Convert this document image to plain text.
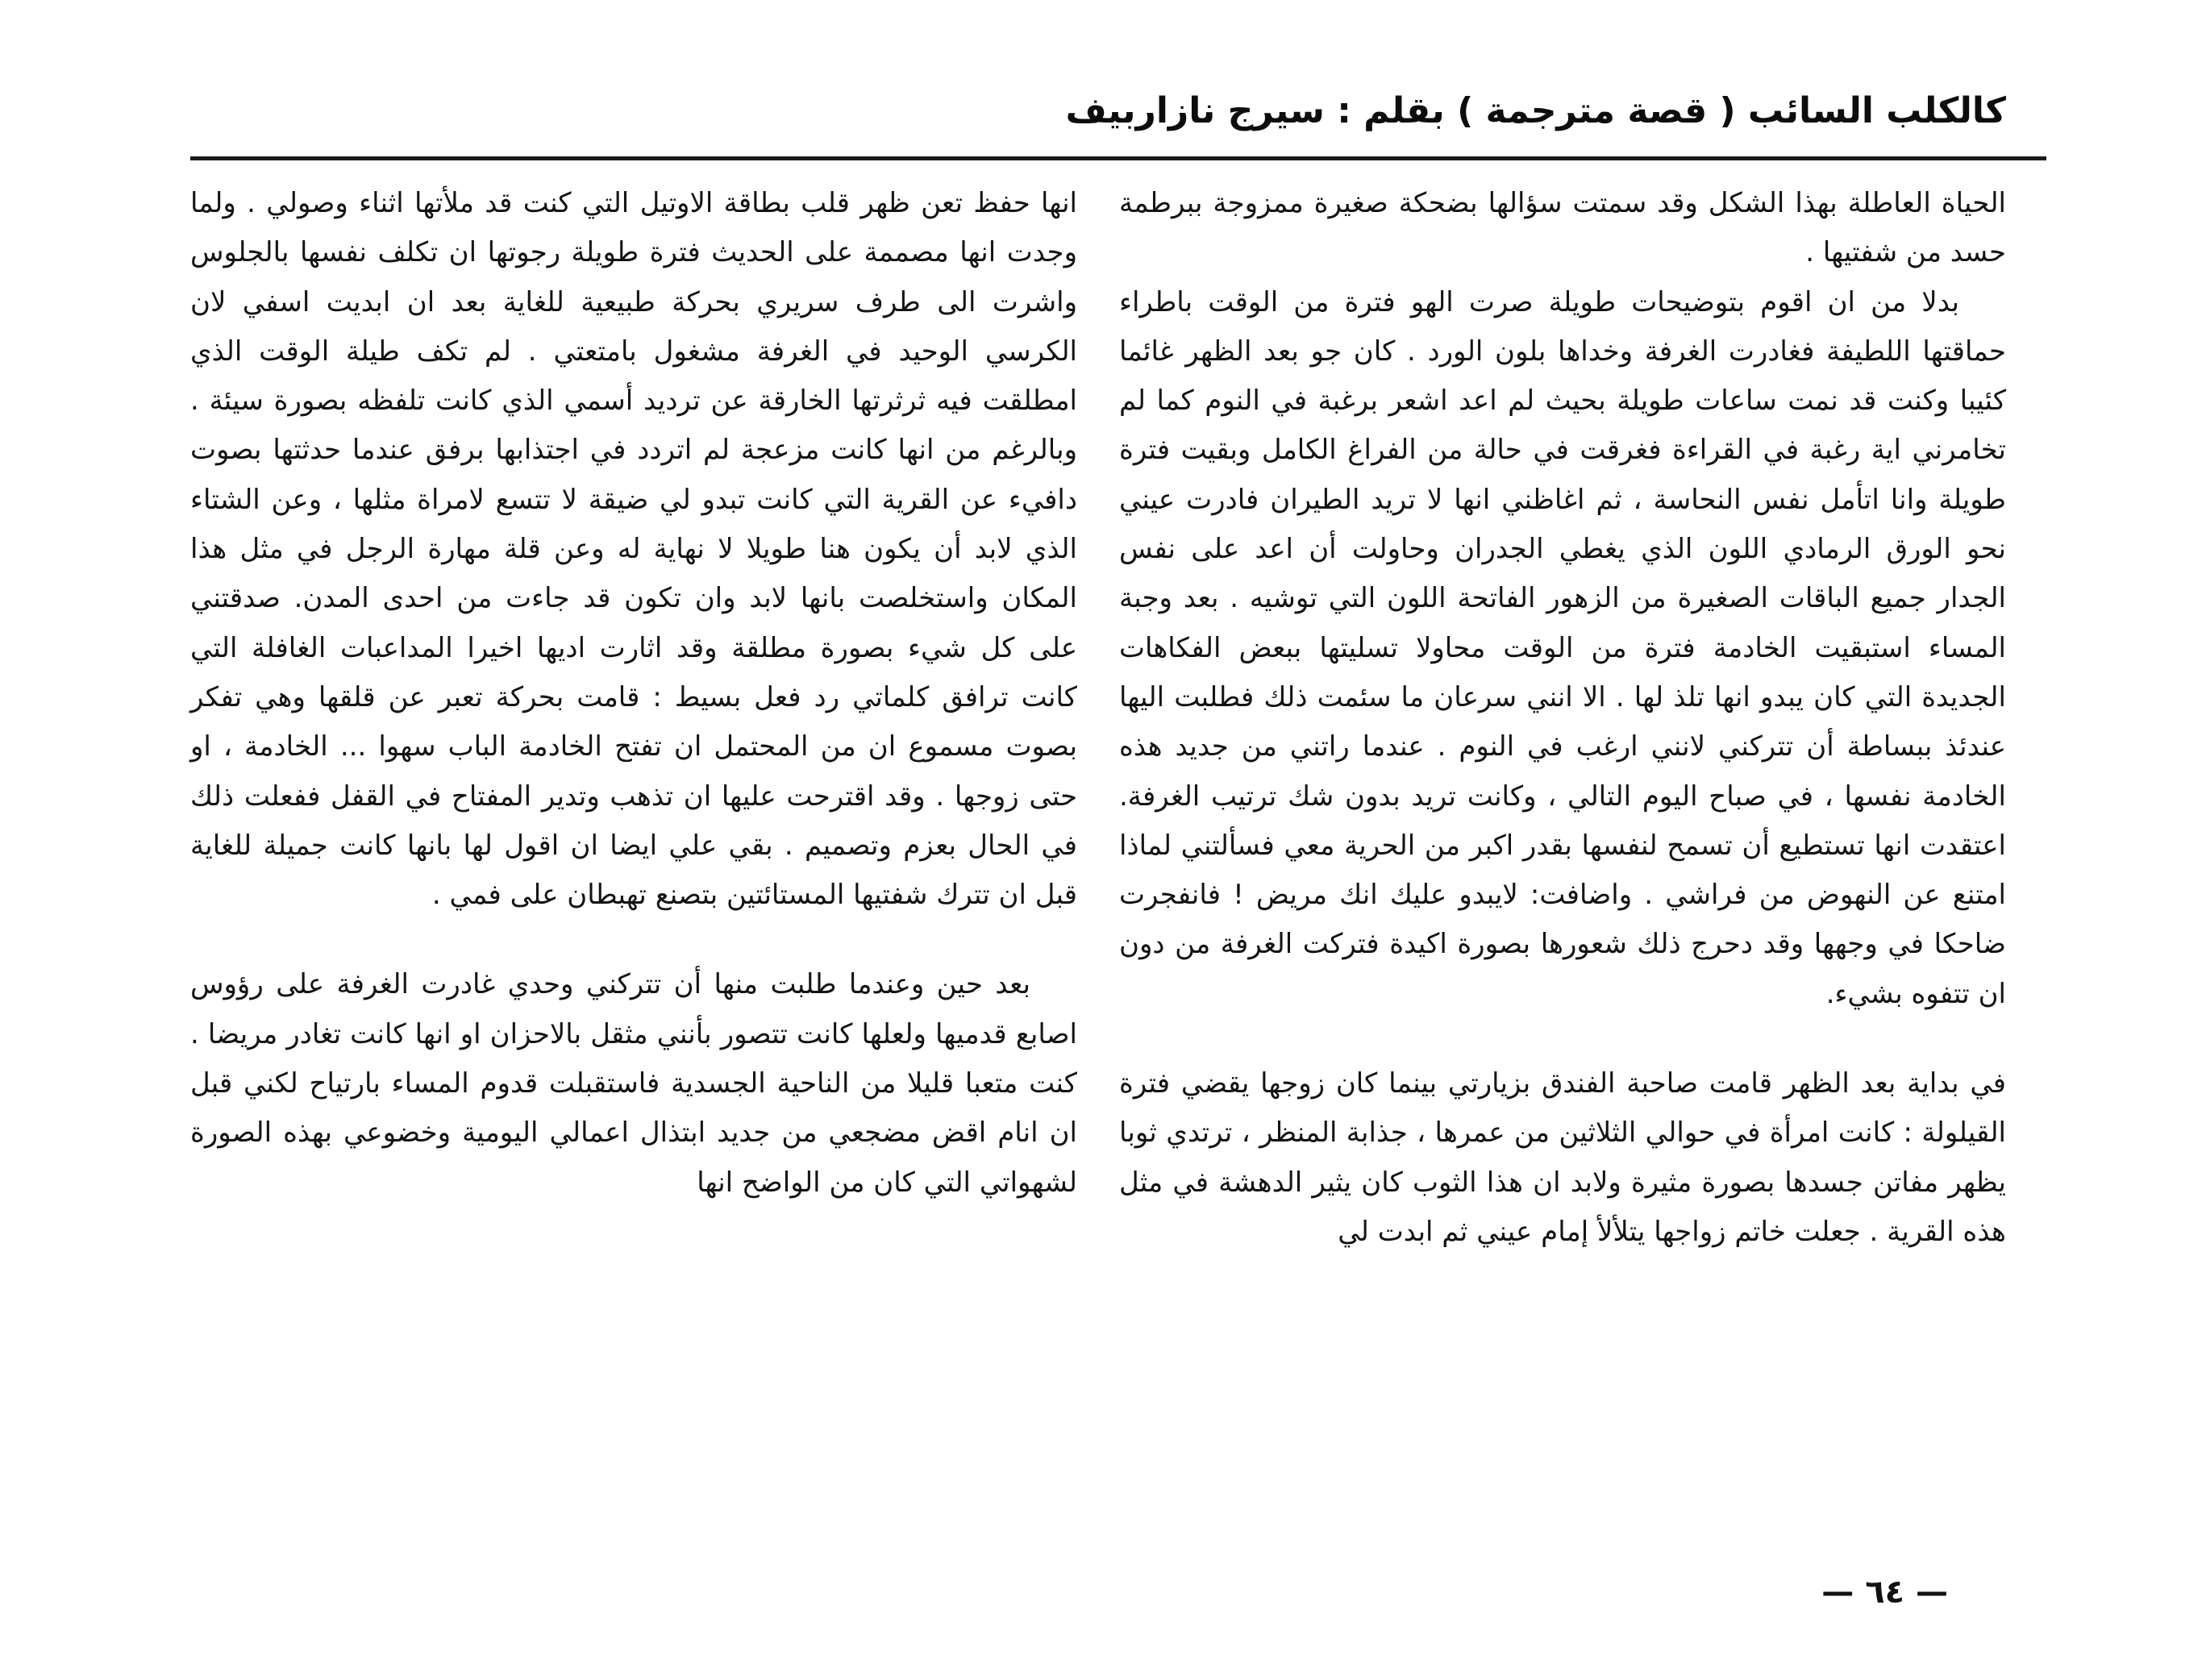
كالكلب السائب ( قصة مترجمة ) بقلم : سيرج نازاربيف

الحياة العاطلة بهذا الشكل وقد سمتت سؤالها بضحكة صغيرة ممزوجة ببرطمة حسد من شفتيها .

بدلا من ان اقوم بتوضيحات طويلة صرت الهو فترة من الوقت باطراء حماقتها اللطيفة فغادرت الغرفة وخداها بلون الورد . كان جو بعد الظهر غائما كئيبا وكنت قد نمت ساعات طويلة بحيث لم اعد اشعر برغبة في النوم كما لم تخامرني اية رغبة في القراءة فغرقت في حالة من الفراغ الكامل وبقيت فترة طويلة وانا اتأمل نفس النحاسة ، ثم اغاظني انها لا تريد الطيران فادرت عيني نحو الورق الرمادي اللون الذي يغطي الجدران وحاولت أن اعد على نفس الجدار جميع الباقات الصغيرة من الزهور الفاتحة اللون التي توشيه . بعد وجبة المساء استبقيت الخادمة فترة من الوقت محاولا تسليتها ببعض الفكاهات الجديدة التي كان يبدو انها تلذ لها . الا انني سرعان ما سئمت ذلك فطلبت اليها عندئذ ببساطة أن تتركني لانني ارغب في النوم . عندما راتني من جديد هذه الخادمة نفسها ، في صباح اليوم التالي ، وكانت تريد بدون شك ترتيب الغرفة. اعتقدت انها تستطيع أن تسمح لنفسها بقدر اكبر من الحرية معي فسألتني لماذا امتنع عن النهوض من فراشي . واضافت: لايبدو عليك انك مريض ! فانفجرت ضاحكا في وجهها وقد دحرج ذلك شعورها بصورة اكيدة فتركت الغرفة من دون ان تتفوه بشيء.

في بداية بعد الظهر قامت صاحبة الفندق بزيارتي بينما كان زوجها يقضي فترة القيلولة : كانت امرأة في حوالي الثلاثين من عمرها ، جذابة المنظر ، ترتدي ثوبا يظهر مفاتن جسدها بصورة مثيرة ولابد ان هذا الثوب كان يثير الدهشة في مثل هذه القرية . جعلت خاتم زواجها يتلألأ إمام عيني ثم ابدت لي

انها حفظ تعن ظهر قلب بطاقة الاوتيل التي كنت قد ملأتها اثناء وصولي . ولما وجدت انها مصممة على الحديث فترة طويلة رجوتها ان تكلف نفسها بالجلوس واشرت الى طرف سريري بحركة طبيعية للغاية بعد ان ابديت اسفي لان الكرسي الوحيد في الغرفة مشغول بامتعتي . لم تكف طيلة الوقت الذي امطلقت فيه ثرثرتها الخارقة عن ترديد أسمي الذي كانت تلفظه بصورة سيئة . وبالرغم من انها كانت مزعجة لم اتردد في اجتذابها برفق عندما حدثتها بصوت دافيء عن القرية التي كانت تبدو لي ضيقة لا تتسع لامراة مثلها ، وعن الشتاء الذي لابد أن يكون هنا طويلا لا نهاية له وعن قلة مهارة الرجل في مثل هذا المكان واستخلصت بانها لابد وان تكون قد جاءت من احدى المدن. صدقتني على كل شيء بصورة مطلقة وقد اثارت اديها اخيرا المداعبات الغافلة التي كانت ترافق كلماتي رد فعل بسيط : قامت بحركة تعبر عن قلقها وهي تفكر بصوت مسموع ان من المحتمل ان تفتح الخادمة الباب سهوا ... الخادمة ، او حتى زوجها . وقد اقترحت عليها ان تذهب وتدير المفتاح في القفل ففعلت ذلك في الحال بعزم وتصميم . بقي علي ايضا ان اقول لها بانها كانت جميلة للغاية قبل ان تترك شفتيها المستائتين بتصنع تهبطان على فمي .

بعد حين وعندما طلبت منها أن تتركني وحدي غادرت الغرفة على رؤوس اصابع قدميها ولعلها كانت تتصور بأنني مثقل بالاحزان او انها كانت تغادر مريضا . كنت متعبا قليلا من الناحية الجسدية فاستقبلت قدوم المساء بارتياح لكني قبل ان انام اقض مضجعي من جديد ابتذال اعمالي اليومية وخضوعي بهذه الصورة لشهواتي التي كان من الواضح انها

— ٦٤ —
